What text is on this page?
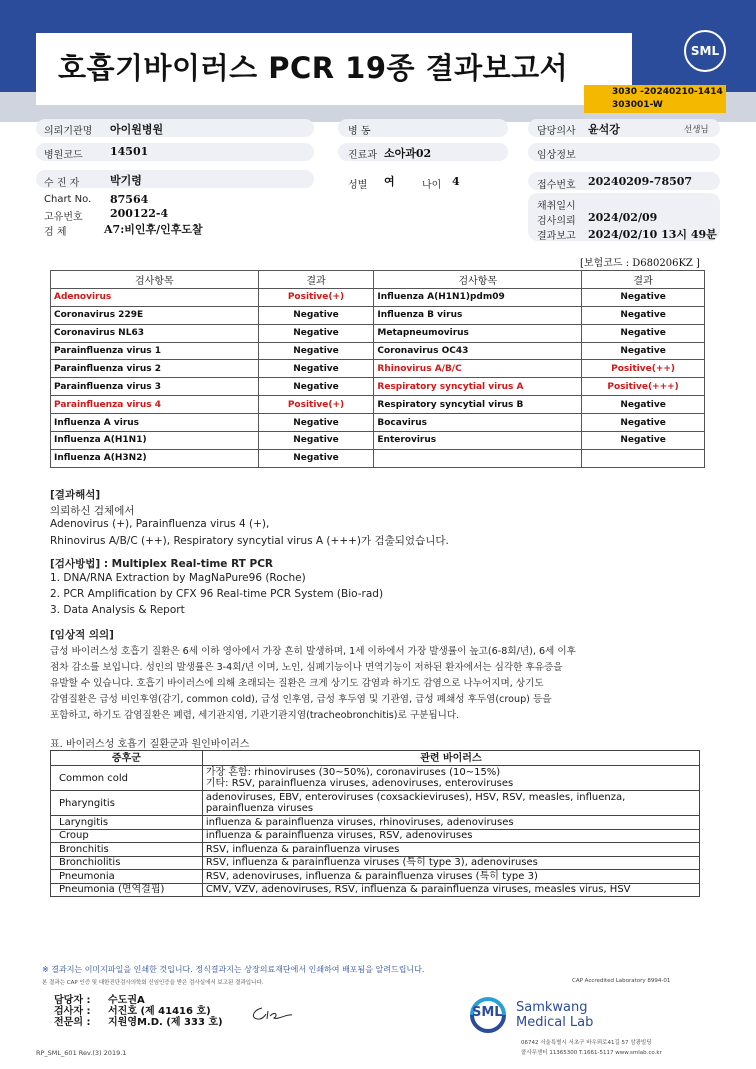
호흡기바이러스 PCR 19종 결과보고서
3030 -20240210-1414
303001-W
SML
의뢰기관명 아이원병원	병 동	담당의사 윤석강	선생님
병원코드 14501	진료과 소아과02	임상정보
수 진 자	박기령	성별 여	나이 4	접수번호 20240209-78507
Chart No. 87564
고유번호 200122-4
검 체	A7:비인후/인후도찰
채취일시
검사의뢰 2024/02/09
결과보고 2024/02/10 13시 49분
[보험코드 : D680206KZ ]
검사항목	결과	검사항목	결과
Adenovirus	Positive(+)	Influenza A(H1N1)pdm09	Negative
Coronavirus 229E	Negative	Influenza B virus	Negative
Coronavirus NL63	Negative	Metapneumovirus	Negative
Parainfluenza virus 1	Negative	Coronavirus OC43	Negative
Parainfluenza virus 2	Negative	Rhinovirus A/B/C	Positive(++)
Parainfluenza virus 3	Negative	Respiratory syncytial virus A	Positive(+++)
Parainfluenza virus 4	Positive(+)	Respiratory syncytial virus B	Negative
Influenza A virus	Negative	Bocavirus	Negative
Influenza A(H1N1)	Negative	Enterovirus	Negative
Influenza A(H3N2)	Negative		
[결과해석]
의뢰하신 검체에서
Adenovirus (+), Parainfluenza virus 4 (+),
Rhinovirus A/B/C (++), Respiratory syncytial virus A (+++)가 검출되었습니다.
[검사방법] : Multiplex Real-time RT PCR
1. DNA/RNA Extraction by MagNaPure96 (Roche)
2. PCR Amplification by CFX 96 Real-time PCR System (Bio-rad)
3. Data Analysis & Report
[임상적 의의]
급성 바이러스성 호흡기 질환은 6세 이하 영아에서 가장 흔히 발생하며, 1세 이하에서 가장 발생률이 높고(6-8회/년), 6세 이후
점차 감소를 보입니다. 성인의 발생률은 3-4회/년 이며, 노인, 심폐기능이나 면역기능이 저하된 환자에서는 심각한 후유증을
유발할 수 있습니다. 호흡기 바이러스에 의해 초래되는 질환은 크게 상기도 감염과 하기도 감염으로 나누어지며, 상기도
감염질환은 급성 비인후염(감기, common cold), 급성 인후염, 급성 후두염 및 기관염, 급성 폐쇄성 후두염(croup) 등을
포함하고, 하기도 감염질환은 폐렴, 세기관지염, 기관기관지염(tracheobronchitis)로 구분됩니다.
표. 바이러스성 호흡기 질환군과 원인바이러스
증후군	관련 바이러스
Common cold	가장 흔함: rhinoviruses (30~50%), coronaviruses (10~15%)
기타: RSV, parainfluenza viruses, adenoviruses, enteroviruses
Pharyngitis	adenoviruses, EBV, enteroviruses (coxsackieviruses), HSV, RSV, measles, influenza,
parainfluenza viruses
Laryngitis	influenza & parainfluenza viruses, rhinoviruses, adenoviruses
Croup	influenza & parainfluenza viruses, RSV, adenoviruses
Bronchitis	RSV, influenza & parainfluenza viruses
Bronchiolitis	RSV, influenza & parainfluenza viruses (특히 type 3), adenoviruses
Pneumonia	RSV, adenoviruses, influenza & parainfluenza viruses (특히 type 3)
Pneumonia (면역결핍)	CMV, VZV, adenoviruses, RSV, influenza & parainfluenza viruses, measles virus, HSV
※ 결과지는 이미지파일을 인쇄한 것입니다. 정식결과지는 상장의료재단에서 인쇄하여 배포됨을 알려드립니다.
본 결과는 CAP 인증 및 대한진단검사의학회 신임인증을 받은 검사실에서 보고된 결과입니다.	CAP Accredited Laboratory 8994-01
담당자 : 수도권A
검사자 : 서진호 (제 41416 호)
전문의 : 지원영M.D. (제 333 호)
SML Samkwang
Medical Lab
06742 서울특별시 서초구 바우뫼로41길 57 삼광빌딩
콜사무센터 11365300 T.1661-5117 www.smlab.co.kr
RP_SML_601 Rev.(3) 2019.1
